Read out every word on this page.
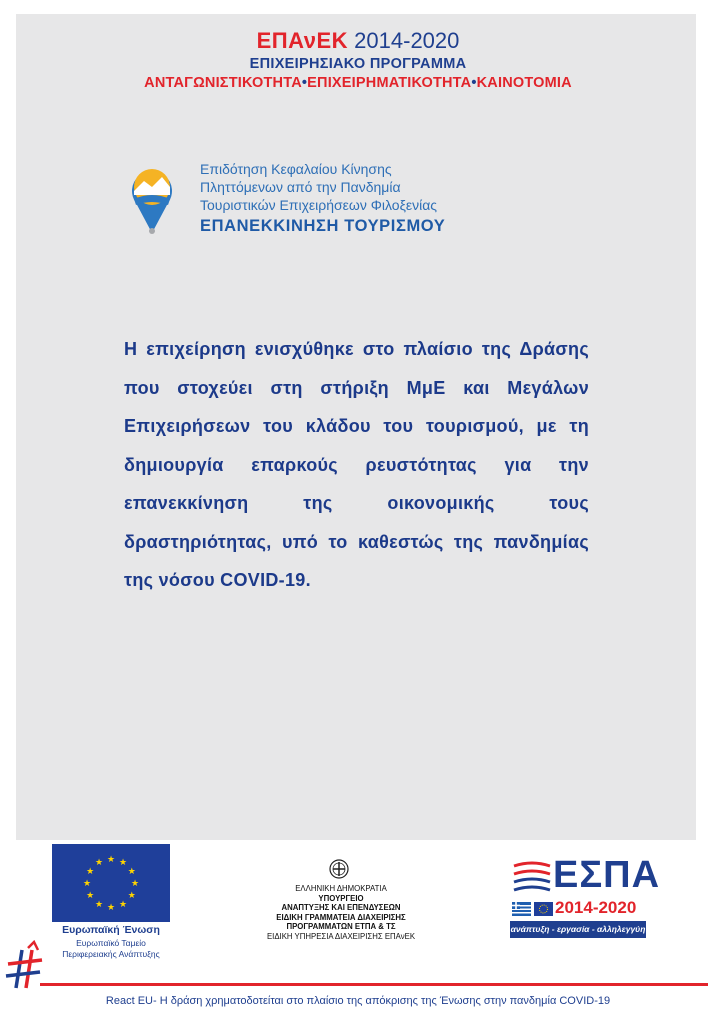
ΕΠΑνΕΚ 2014-2020
ΕΠΙΧΕΙΡΗΣΙΑΚΟ ΠΡΟΓΡΑΜΜΑ
ΑΝΤΑΓΩΝΙΣΤΙΚΟΤΗΤΑ•ΕΠΙΧΕΙΡΗΜΑΤΙΚΟΤΗΤΑ•ΚΑΙΝΟΤΟΜΙΑ
Επιδότηση Κεφαλαίου Κίνησης
Πληττόμενων από την Πανδημία
Τουριστικών Επιχειρήσεων Φιλοξενίας
ΕΠΑΝΕΚΚΙΝΗΣΗ ΤΟΥΡΙΣΜΟΥ
Η επιχείρηση ενισχύθηκε στο πλαίσιο της Δράσης που στοχεύει στη στήριξη ΜμΕ και Μεγάλων Επιχειρήσεων του κλάδου του τουρισμού, με τη δημιουργία επαρκούς ρευστότητας για την επανεκκίνηση της οικονομικής τους δραστηριότητας, υπό το καθεστώς της πανδημίας της νόσου COVID-19.
★ ★
★
★
★
★
★
★
★
★
★
★
Ευρωπαϊκή Ένωση
Ευρωπαϊκό Ταμείο
Περιφερειακής Ανάπτυξης
ΕΛΛΗΝΙΚΗ ΔΗΜΟΚΡΑΤΙΑ
ΥΠΟΥΡΓΕΙΟ
ΑΝΑΠΤΥΞΗΣ ΚΑΙ ΕΠΕΝΔΥΣΕΩΝ
ΕΙΔΙΚΗ ΓΡΑΜΜΑΤΕΙΑ ΔΙΑΧΕΙΡΙΣΗΣ
ΠΡΟΓΡΑΜΜΑΤΩΝ ΕΤΠΑ & ΤΣ
ΕΙΔΙΚΗ ΥΠΗΡΕΣΙΑ ΔΙΑΧΕΙΡΙΣΗΣ ΕΠΑνΕΚ
ΕΣΠΑ
2014-2020
ανάπτυξη - εργασία - αλληλεγγύη
React EU- Η δράση χρηματοδοτείται στο πλαίσιο της απόκρισης της Ένωσης στην πανδημία COVID-19
